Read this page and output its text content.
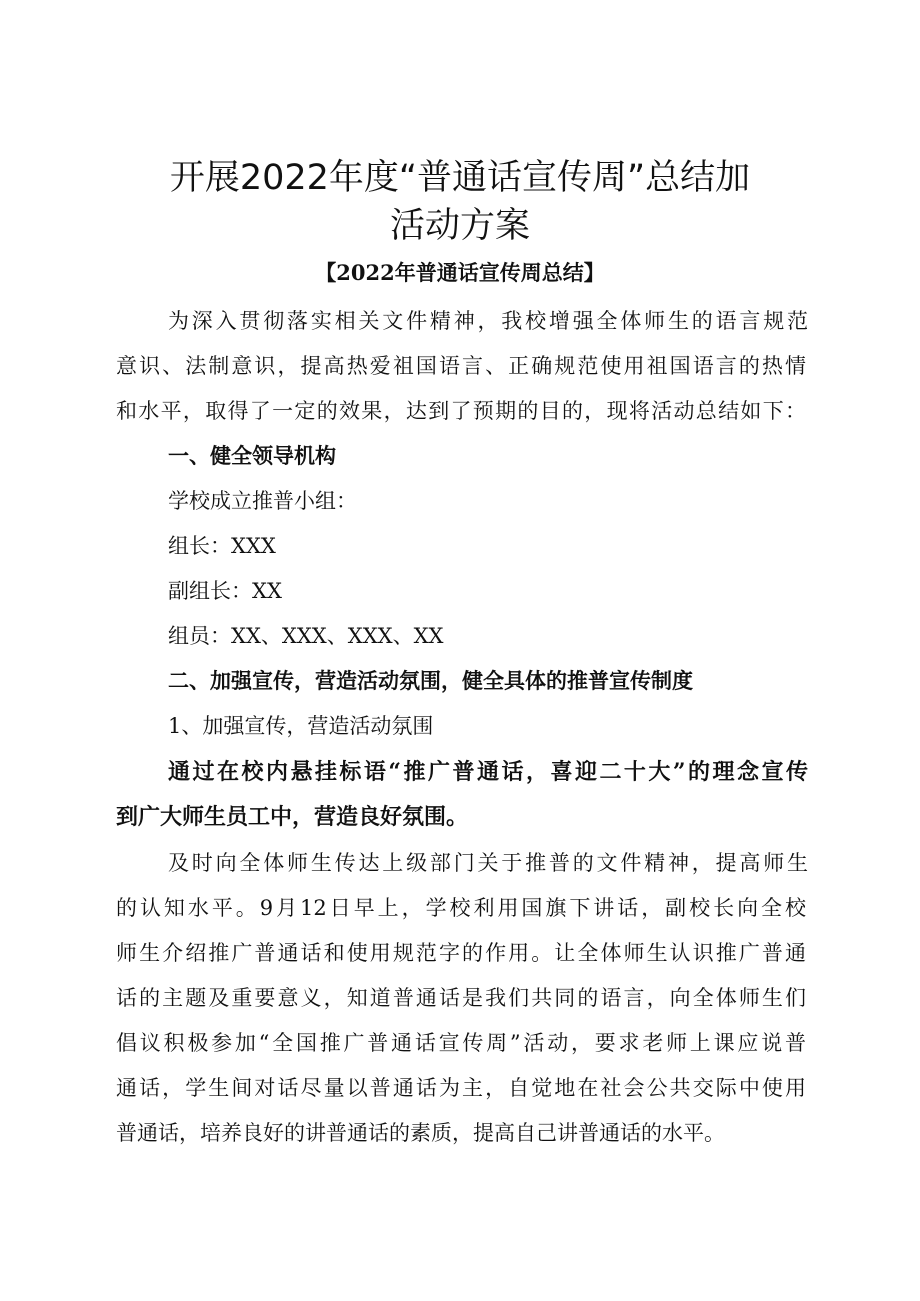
开展2022年度“普通话宣传周”总结加
活动方案
【2022年普通话宣传周总结】
为深入贯彻落实相关文件精神，我校增强全体师生的语言规范
意识、法制意识，提高热爱祖国语言、正确规范使用祖国语言的热情
和水平，取得了一定的效果，达到了预期的目的，现将活动总结如下：
一、健全领导机构
学校成立推普小组：
组长：XXX
副组长：XX
组员：XX、XXX、XXX、XX
二、加强宣传，营造活动氛围，健全具体的推普宣传制度
1、加强宣传，营造活动氛围
通过在校内悬挂标语“推广普通话，喜迎二十大”的理念宣传
到广大师生员工中，营造良好氛围。
及时向全体师生传达上级部门关于推普的文件精神，提高师生
的认知水平。9月12日早上，学校利用国旗下讲话，副校长向全校
师生介绍推广普通话和使用规范字的作用。让全体师生认识推广普通
话的主题及重要意义，知道普通话是我们共同的语言，向全体师生们
倡议积极参加“全国推广普通话宣传周”活动，要求老师上课应说普
通话，学生间对话尽量以普通话为主，自觉地在社会公共交际中使用
普通话，培养良好的讲普通话的素质，提高自己讲普通话的水平。
